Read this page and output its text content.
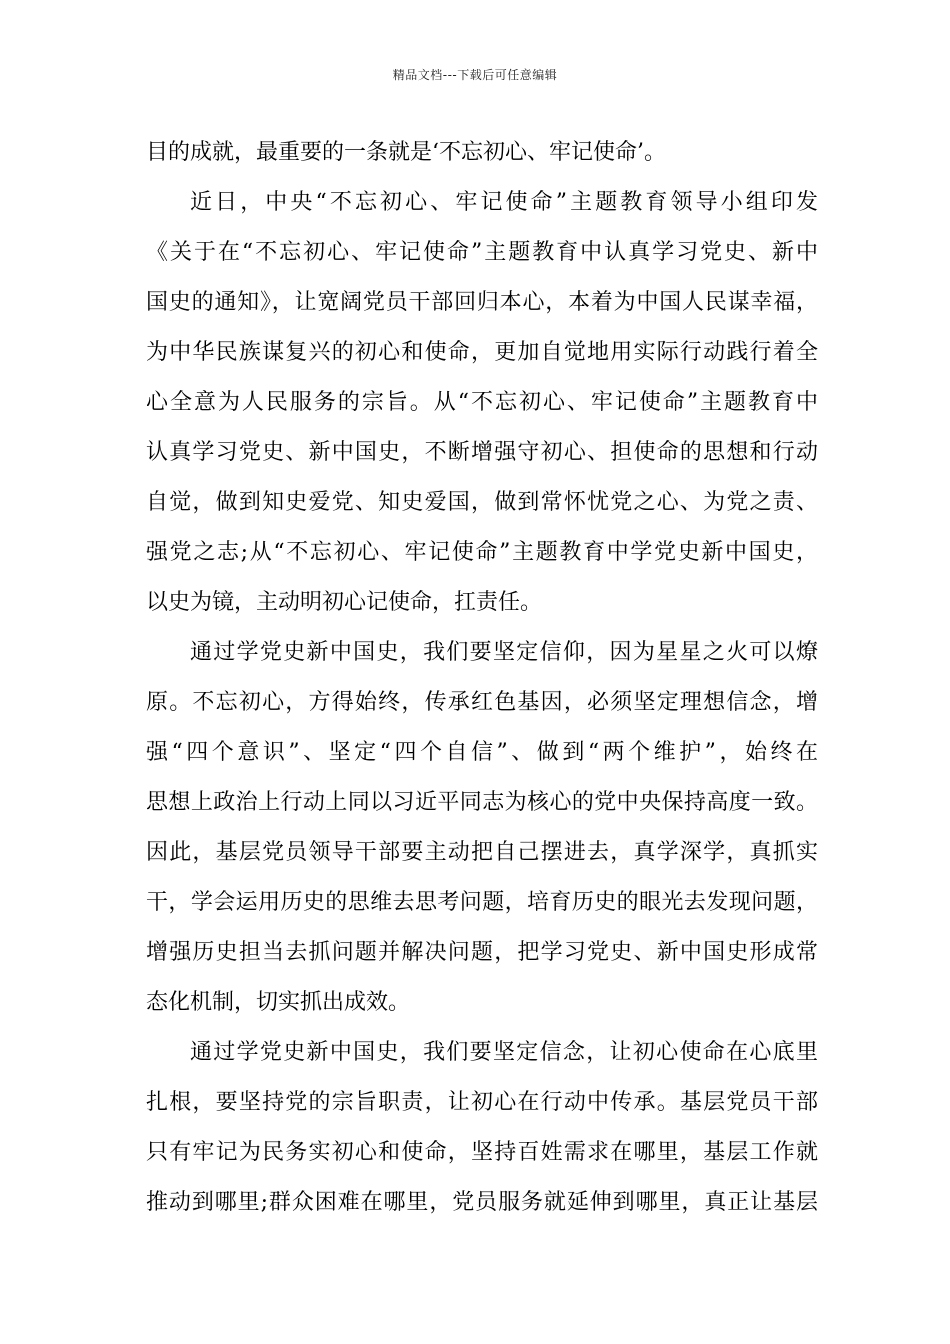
精品文档---下载后可任意编辑
目的成就，最重要的一条就是‘不忘初心、牢记使命’。
近日，中央“不忘初心、牢记使命”主题教育领导小组印发
《关于在“不忘初心、牢记使命”主题教育中认真学习党史、新中
国史的通知》，让宽阔党员干部回归本心，本着为中国人民谋幸福，
为中华民族谋复兴的初心和使命，更加自觉地用实际行动践行着全
心全意为人民服务的宗旨。从“不忘初心、牢记使命”主题教育中
认真学习党史、新中国史，不断增强守初心、担使命的思想和行动
自觉，做到知史爱党、知史爱国，做到常怀忧党之心、为党之责、
强党之志;从“不忘初心、牢记使命”主题教育中学党史新中国史，
以史为镜，主动明初心记使命，扛责任。
通过学党史新中国史，我们要坚定信仰，因为星星之火可以燎
原。不忘初心，方得始终，传承红色基因，必须坚定理想信念，增
强“四个意识”、坚定“四个自信”、做到“两个维护”，始终在
思想上政治上行动上同以习近平同志为核心的党中央保持高度一致。
因此，基层党员领导干部要主动把自己摆进去，真学深学，真抓实
干，学会运用历史的思维去思考问题，培育历史的眼光去发现问题，
增强历史担当去抓问题并解决问题，把学习党史、新中国史形成常
态化机制，切实抓出成效。
通过学党史新中国史，我们要坚定信念，让初心使命在心底里
扎根，要坚持党的宗旨职责，让初心在行动中传承。基层党员干部
只有牢记为民务实初心和使命，坚持百姓需求在哪里，基层工作就
推动到哪里;群众困难在哪里，党员服务就延伸到哪里，真正让基层
